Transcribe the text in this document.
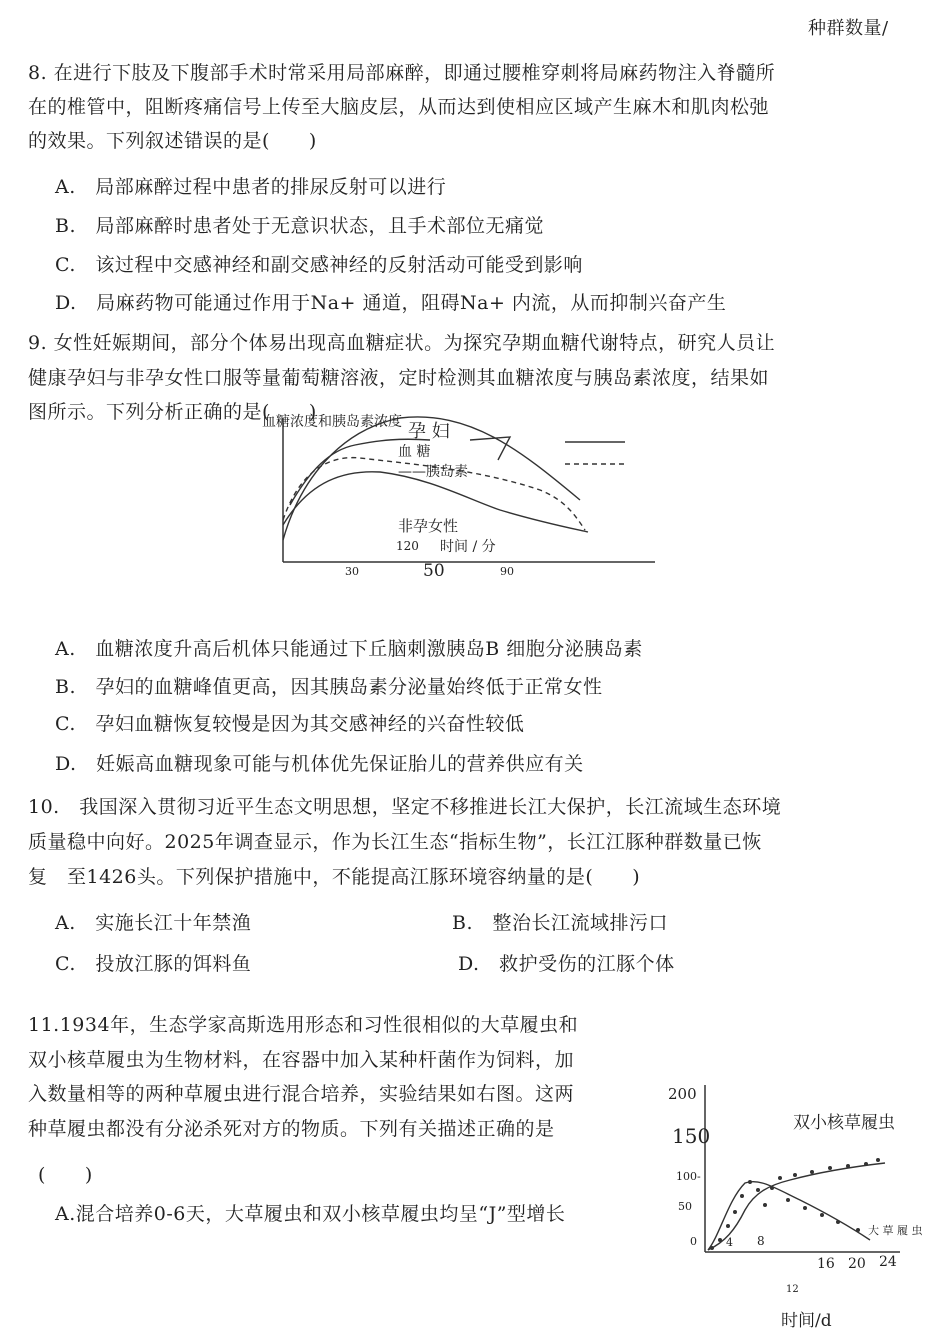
种群数量/
8. 在进行下肢及下腹部手术时常采用局部麻醉，即通过腰椎穿刺将局麻药物注入脊髓所
在的椎管中，阻断疼痛信号上传至大脑皮层，从而达到使相应区域产生麻木和肌肉松弛
的效果。下列叙述错误的是(　　)
A.　局部麻醉过程中患者的排尿反射可以进行
B.　局部麻醉时患者处于无意识状态，且手术部位无痛觉
C.　该过程中交感神经和副交感神经的反射活动可能受到影响
D.　局麻药物可能通过作用于Na+ 通道，阻碍Na+ 内流，从而抑制兴奋产生
9. 女性妊娠期间，部分个体易出现高血糖症状。为探究孕期血糖代谢特点，研究人员让
健康孕妇与非孕女性口服等量葡萄糖溶液，定时检测其血糖浓度与胰岛素浓度，结果如
图所示。下列分析正确的是(　　)
血糖浓度和胰岛素浓度 孕 妇
血 糖
——胰岛素
非孕女性
120 时间 / 分
30	50	90
A.　血糖浓度升高后机体只能通过下丘脑刺激胰岛B 细胞分泌胰岛素
B.　孕妇的血糖峰值更高，因其胰岛素分泌量始终低于正常女性
C.　孕妇血糖恢复较慢是因为其交感神经的兴奋性较低
D.　妊娠高血糖现象可能与机体优先保证胎儿的营养供应有关
10.　我国深入贯彻习近平生态文明思想，坚定不移推进长江大保护，长江流域生态环境
质量稳中向好。2025年调查显示，作为长江生态“指标生物”，长江江豚种群数量已恢
复　至1426头。下列保护措施中，不能提高江豚环境容纳量的是(　　)
A.　实施长江十年禁渔	B.　整治长江流域排污口
C.　投放江豚的饵料鱼	D.　救护受伤的江豚个体
11.1934年，生态学家高斯选用形态和习性很相似的大草履虫和
双小核草履虫为生物材料，在容器中加入某种杆菌作为饲料，加
入数量相等的两种草履虫进行混合培养，实验结果如右图。这两
种草履虫都没有分泌杀死对方的物质。下列有关描述正确的是
(　　)
A.混合培养0-6天，大草履虫和双小核草履虫均呈“J”型增长
200
150
100-
50
0	4 8
12
16 20 24
双小核草履虫
大 草 履 虫
时间/d
